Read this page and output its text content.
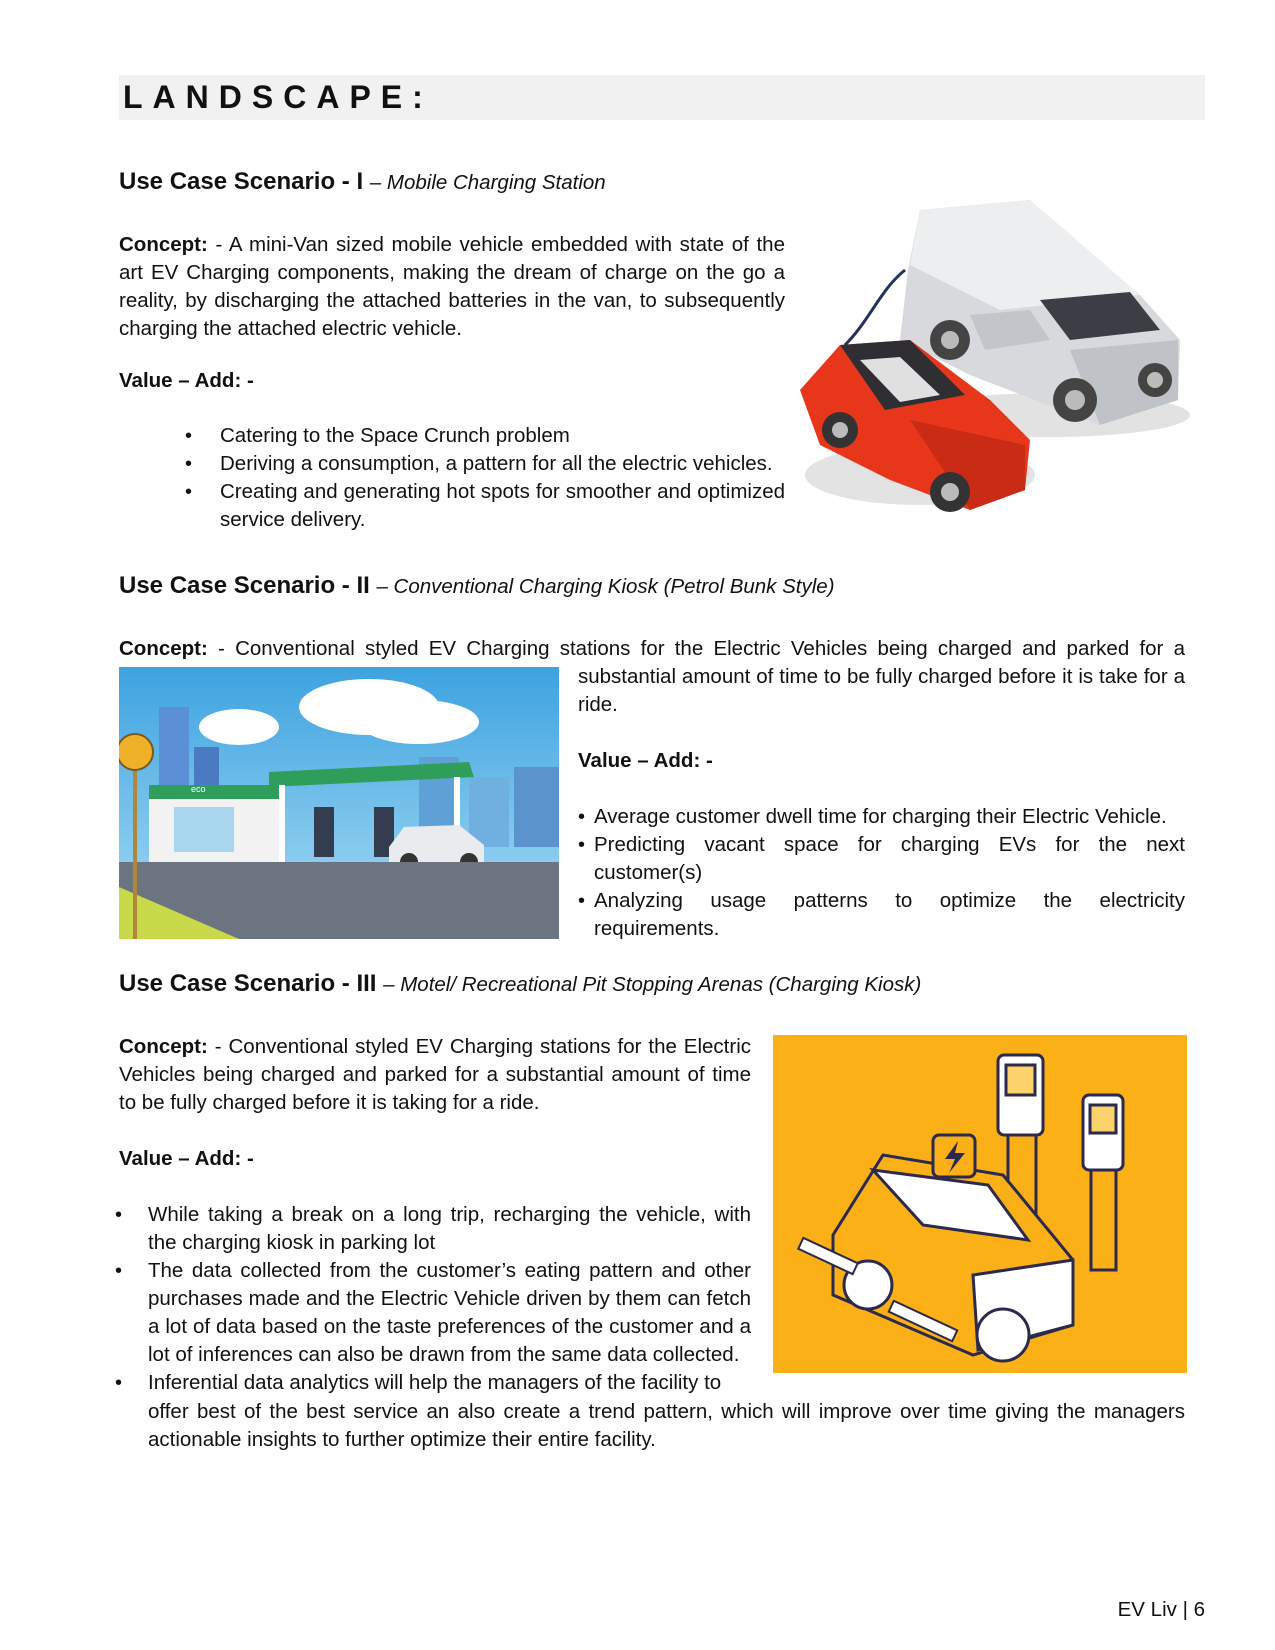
LANDSCAPE:
Use Case Scenario - I – Mobile Charging Station
Concept: - A mini-Van sized mobile vehicle embedded with state of the art EV Charging components, making the dream of charge on the go a reality, by discharging the attached batteries in the van, to subsequently charging the attached electric vehicle.
Value – Add: -
• Catering to the Space Crunch problem
• Deriving a consumption, a pattern for all the electric vehicles.
• Creating and generating hot spots for smoother and optimized service delivery.
Use Case Scenario - II – Conventional Charging Kiosk (Petrol Bunk Style)
Concept: - Conventional styled EV Charging stations for the Electric Vehicles being charged and parked for a
eco
substantial amount of time to be fully charged before it is take for a ride.
Value – Add: -
• Average customer dwell time for charging their Electric Vehicle.
• Predicting vacant space for charging EVs for the next customer(s)
• Analyzing usage patterns to optimize the electricity requirements.
Use Case Scenario - III – Motel/ Recreational Pit Stopping Arenas (Charging Kiosk)
Concept: - Conventional styled EV Charging stations for the Electric Vehicles being charged and parked for a substantial amount of time to be fully charged before it is taking for a ride.
Value – Add: -
• While taking a break on a long trip, recharging the vehicle, with the charging kiosk in parking lot
• The data collected from the customer’s eating pattern and other purchases made and the Electric Vehicle driven by them can fetch a lot of data based on the taste preferences of the customer and a lot of inferences can also be drawn from the same data collected.
• Inferential data analytics will help the managers of the facility to
offer best of the best service an also create a trend pattern, which will improve over time giving the managers actionable insights to further optimize their entire facility.
EV Liv | 6
